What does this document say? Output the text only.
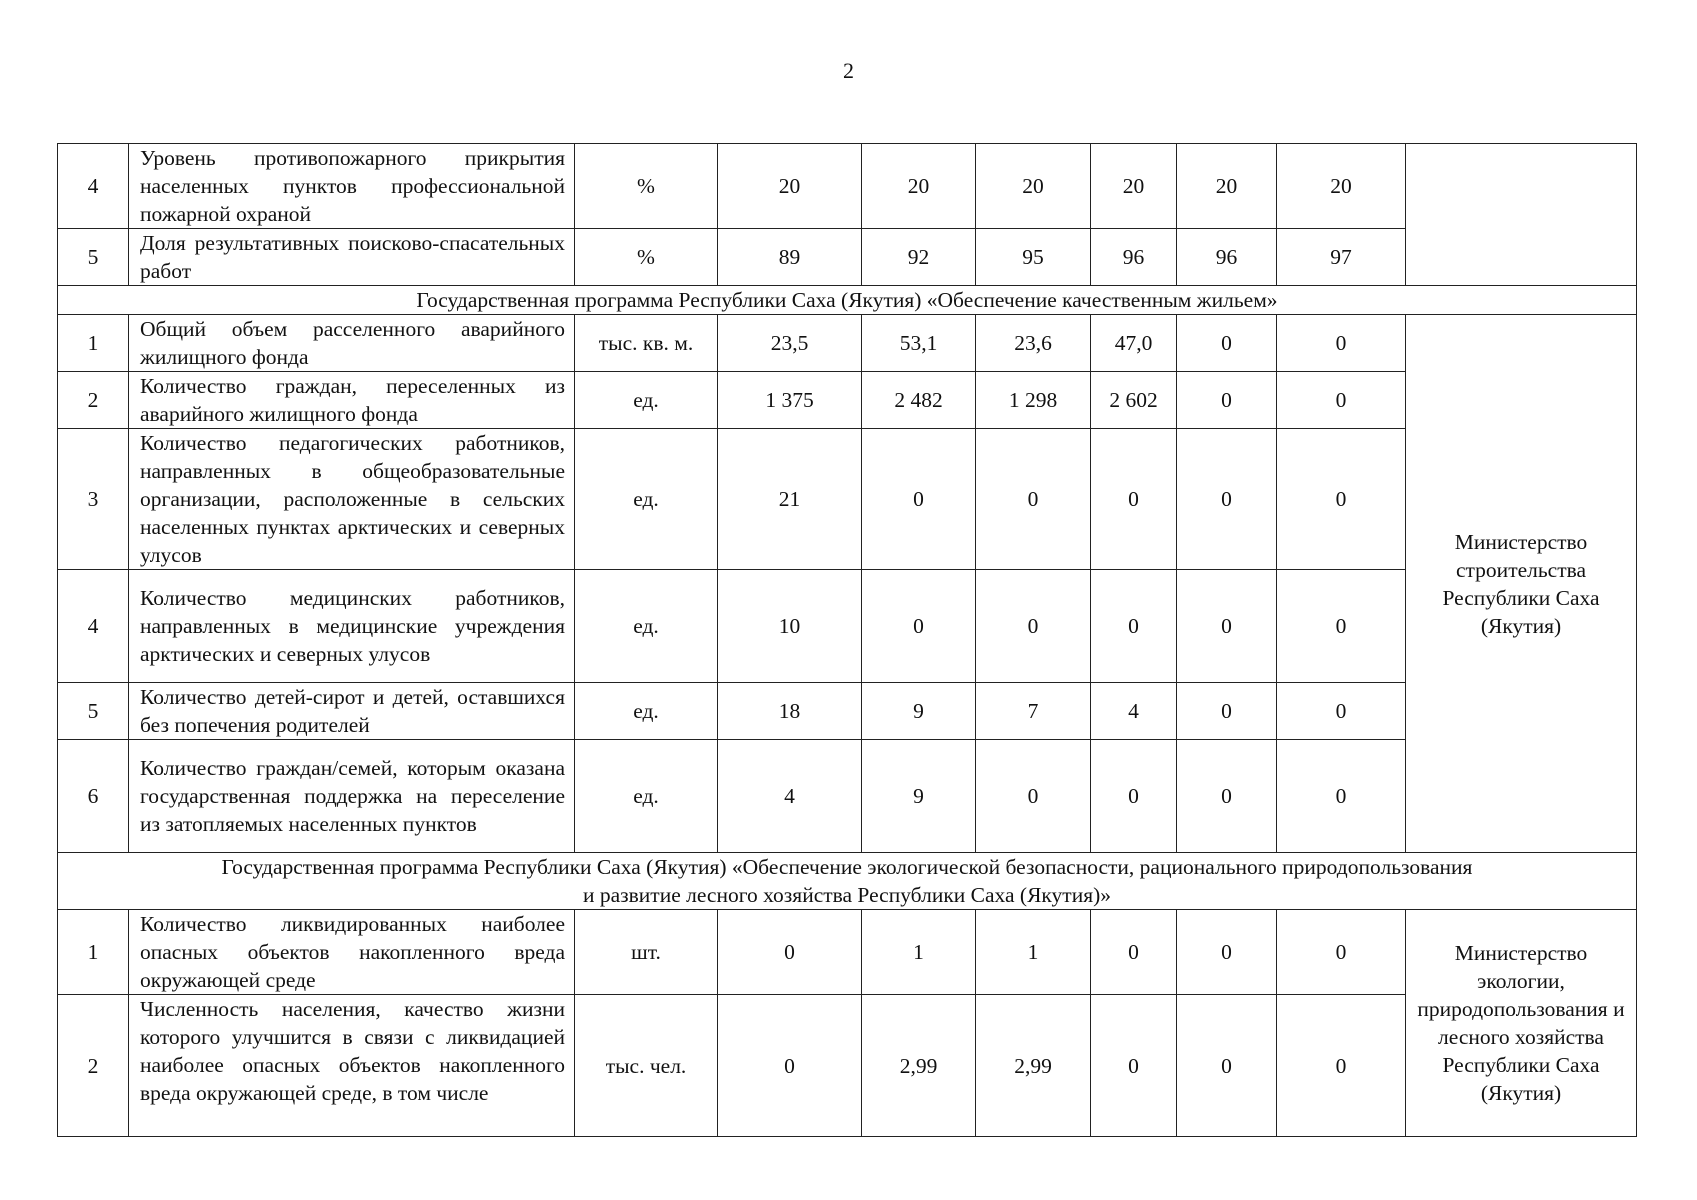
2
4	Уровень противопожарного прикрытия населенных пунктов профессиональной пожарной охраной	%	20	20	20	20	20	20	
5	Доля результативных поисково-спасательных работ	%	89	92	95	96	96	97	
Государственная программа Республики Саха (Якутия) «Обеспечение качественным жильем»									
1	Общий объем расселенного аварийного жилищного фонда	тыс. кв. м.	23,5	53,1	23,6	47,0	0	0	Министерство строительства Республики Саха (Якутия)
2	Количество граждан, переселенных из аварийного жилищного фонда	ед.	1 375	2 482	1 298	2 602	0	0	
3	Количество педагогических работников, направленных в общеобразовательные организации, расположенные в сельских населенных пунктах арктических и северных улусов	ед.	21	0	0	0	0	0	
4	Количество медицинских работников, направленных в медицинские учреждения арктических и северных улусов	ед.	10	0	0	0	0	0	
5	Количество детей-сирот и детей, оставшихся без попечения родителей	ед.	18	9	7	4	0	0	
6	Количество граждан/семей, которым оказана государственная поддержка на переселение из затопляемых населенных пунктов	ед.	4	9	0	0	0	0	

Государственная программа Республики Саха (Якутия) «Обеспечение экологической безопасности, рационального природопользования
и развитие лесного хозяйства Республики Саха (Якутия)»									

1	Количество ликвидированных наиболее опасных объектов накопленного вреда окружающей среде	шт.	0	1	1	0	0	0	Министерство экологии, природопользования и лесного хозяйства Республики Саха (Якутия)
2	Численность населения, качество жизни которого улучшится в связи с ликвидацией наиболее опасных объектов накопленного вреда окружающей среде, в том числе	тыс. чел.	0	2,99	2,99	0	0	0	
